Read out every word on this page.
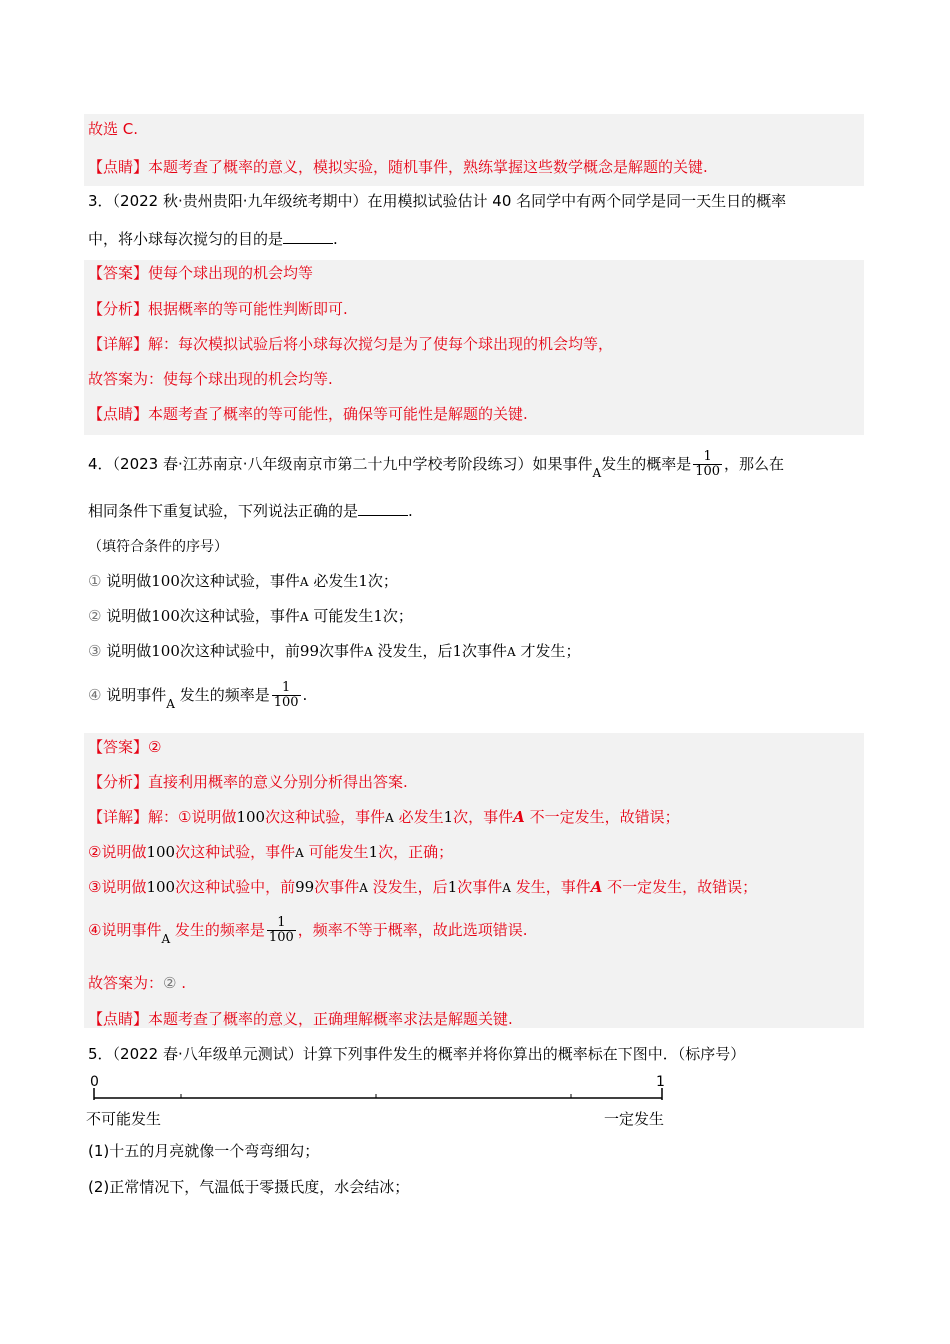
故选 C.
【点睛】本题考查了概率的意义，模拟实验，随机事件，熟练掌握这些数学概念是解题的关键.
3．（2022 秋·贵州贵阳·九年级统考期中）在用模拟试验估计 40 名同学中有两个同学是同一天生日的概率
中，将小球每次搅匀的目的是	.
【答案】使每个球出现的机会均等
【分析】根据概率的等可能性判断即可.
【详解】解：每次模拟试验后将小球每次搅匀是为了使每个球出现的机会均等，
故答案为：使每个球出现的机会均等.
【点睛】本题考查了概率的等可能性，确保等可能性是解题的关键.
4．（2023 春·江苏南京·八年级南京市第二十九中学校考阶段练习）如果事件$_A$发生的概率是 $\frac{1}{100}$ ，那么在
相同条件下重复试验，下列说法正确的是	.
（填符合条件的序号）
① 说明做100次这种试验，事件A 必发生1次；
② 说明做100次这种试验，事件A 可能发生1次；
③ 说明做100次这种试验中，前99次事件A 没发生，后1次事件A 才发生；
④ 说明事件$_A$ 发生的频率是 $\frac{1}{100}$ .
【答案】②
【分析】直接利用概率的意义分别分析得出答案.
【详解】解：①说明做100次这种试验，事件A 必发生1次，事件A 不一定发生，故错误；
②说明做100次这种试验，事件A 可能发生1次，正确；
③说明做100次这种试验中，前99次事件A 没发生，后1次事件A 发生，事件A 不一定发生，故错误；
④说明事件$_A$ 发生的频率是 $\frac{1}{100}$ ，频率不等于概率，故此选项错误.
故答案为：② .
【点睛】本题考查了概率的意义，正确理解概率求法是解题关键.
5．（2022 春·八年级单元测试）计算下列事件发生的概率并将你算出的概率标在下图中．（标序号）
0	1
不可能发生	一定发生
(1)十五的月亮就像一个弯弯细勾；
(2)正常情况下，气温低于零摄氏度，水会结冰；
